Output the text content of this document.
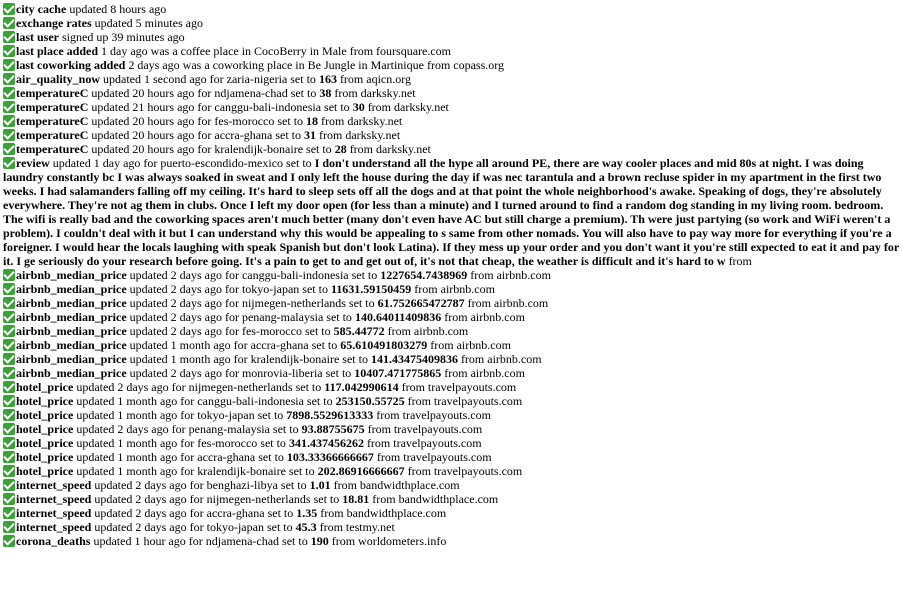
city cache updated 8 hours ago
exchange rates updated 5 minutes ago
last user signed up 39 minutes ago
last place added 1 day ago was a coffee place in CocoBerry in Male from foursquare.com
last coworking added 2 days ago was a coworking place in Be Jungle in Martinique from copass.org
air_quality_now updated 1 second ago for zaria-nigeria set to 163 from aqicn.org
temperatureC updated 20 hours ago for ndjamena-chad set to 38 from darksky.net
temperatureC updated 21 hours ago for canggu-bali-indonesia set to 30 from darksky.net
temperatureC updated 20 hours ago for fes-morocco set to 18 from darksky.net
temperatureC updated 20 hours ago for accra-ghana set to 31 from darksky.net
temperatureC updated 20 hours ago for kralendijk-bonaire set to 28 from darksky.net
review updated 1 day ago for puerto-escondido-mexico set to I don't understand all the hype all around PE, there are way cooler places and mid 80s at night. I was doing laundry constantly bc I was always soaked in sweat and I only left the house during the day if was nec tarantula and a brown recluse spider in my apartment in the first two weeks. I had salamanders falling off my ceiling. It's hard to sleep sets off all the dogs and at that point the whole neighborhood's awake. Speaking of dogs, they're absolutely everywhere. They're not ag them in clubs. Once I left my door open (for less than a minute) and I turned around to find a random dog standing in my living room. bedroom. The wifi is really bad and the coworking spaces aren't much better (many don't even have AC but still charge a premium). Th were just partying (so work and WiFi weren't a problem). I couldn't deal with it but I can understand why this would be appealing to s same from other nomads. You will also have to pay way more for everything if you're a foreigner. I would hear the locals laughing with speak Spanish but don't look Latina). If they mess up your order and you don't want it you're still expected to eat it and pay for it. I ge seriously do your research before going. It's a pain to get to and get out of, it's not that cheap, the weather is difficult and it's hard to w from
airbnb_median_price updated 2 days ago for canggu-bali-indonesia set to 1227654.7438969 from airbnb.com
airbnb_median_price updated 2 days ago for tokyo-japan set to 11631.59150459 from airbnb.com
airbnb_median_price updated 2 days ago for nijmegen-netherlands set to 61.752665472787 from airbnb.com
airbnb_median_price updated 2 days ago for penang-malaysia set to 140.64011409836 from airbnb.com
airbnb_median_price updated 2 days ago for fes-morocco set to 585.44772 from airbnb.com
airbnb_median_price updated 1 month ago for accra-ghana set to 65.610491803279 from airbnb.com
airbnb_median_price updated 1 month ago for kralendijk-bonaire set to 141.43475409836 from airbnb.com
airbnb_median_price updated 2 days ago for monrovia-liberia set to 10407.471775865 from airbnb.com
hotel_price updated 2 days ago for nijmegen-netherlands set to 117.042990614 from travelpayouts.com
hotel_price updated 1 month ago for canggu-bali-indonesia set to 253150.55725 from travelpayouts.com
hotel_price updated 1 month ago for tokyo-japan set to 7898.5529613333 from travelpayouts.com
hotel_price updated 2 days ago for penang-malaysia set to 93.88755675 from travelpayouts.com
hotel_price updated 1 month ago for fes-morocco set to 341.437456262 from travelpayouts.com
hotel_price updated 1 month ago for accra-ghana set to 103.33366666667 from travelpayouts.com
hotel_price updated 1 month ago for kralendijk-bonaire set to 202.86916666667 from travelpayouts.com
internet_speed updated 2 days ago for benghazi-libya set to 1.01 from bandwidthplace.com
internet_speed updated 2 days ago for nijmegen-netherlands set to 18.81 from bandwidthplace.com
internet_speed updated 2 days ago for accra-ghana set to 1.35 from bandwidthplace.com
internet_speed updated 2 days ago for tokyo-japan set to 45.3 from testmy.net
corona_deaths updated 1 hour ago for ndjamena-chad set to 190 from worldometers.info
